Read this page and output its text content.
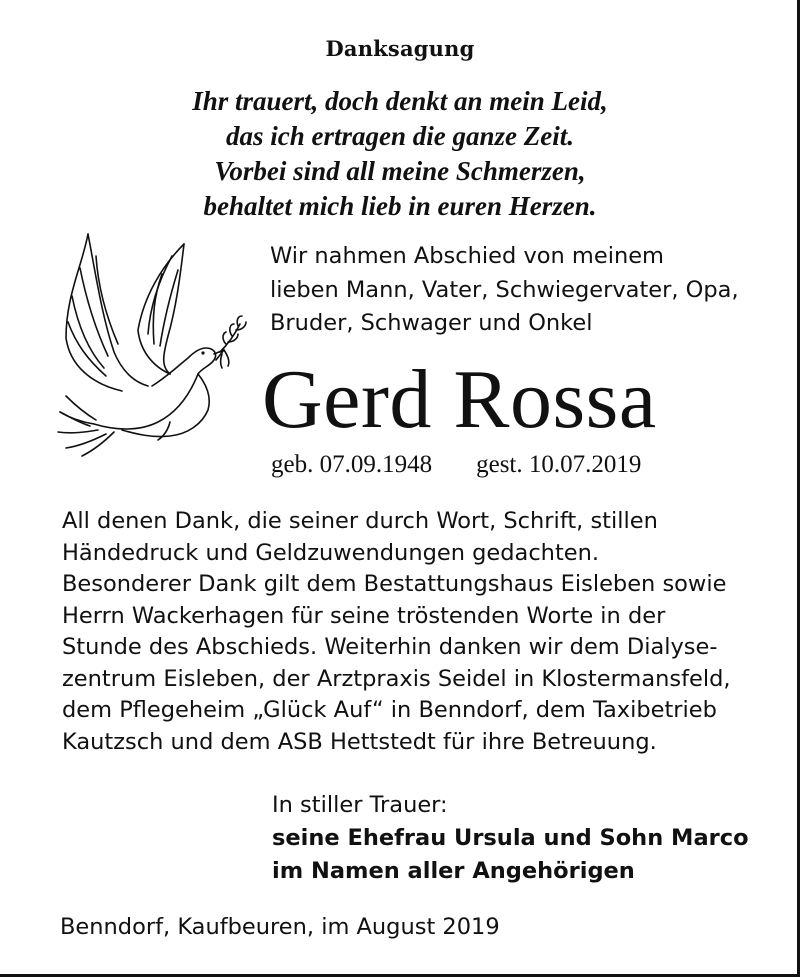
Danksagung
Ihr trauert, doch denkt an mein Leid,
das ich ertragen die ganze Zeit.
Vorbei sind all meine Schmerzen,
behaltet mich lieb in euren Herzen.
Wir nahmen Abschied von meinem
lieben Mann, Vater, Schwiegervater, Opa,
Bruder, Schwager und Onkel
Gerd Rossa
geb. 07.09.1948 gest. 10.07.2019
All denen Dank, die seiner durch Wort, Schrift, stillen
Händedruck und Geldzuwendungen gedachten.
Besonderer Dank gilt dem Bestattungshaus Eisleben sowie
Herrn Wackerhagen für seine tröstenden Worte in der
Stunde des Abschieds. Weiterhin danken wir dem Dialyse-
zentrum Eisleben, der Arztpraxis Seidel in Klostermansfeld,
dem Pflegeheim „Glück Auf“ in Benndorf, dem Taxibetrieb
Kautzsch und dem ASB Hettstedt für ihre Betreuung.
In stiller Trauer:
seine Ehefrau Ursula und Sohn Marco
im Namen aller Angehörigen
Benndorf, Kaufbeuren, im August 2019
